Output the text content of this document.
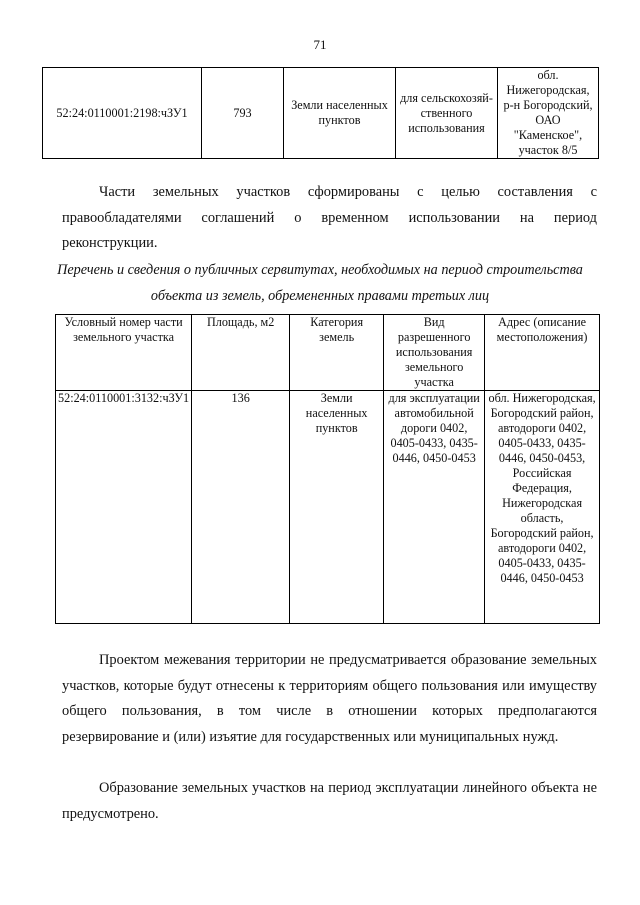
71
52:24:0110001:2198:чЗУ1	793	Земли населенных пунктов	для сельскохозяй-ственного использования	обл. Нижегородская, р-н Богородский, ОАО "Каменское", участок 8/5

Части земельных участков сформированы с целью составления с правообладателями соглашений о временном использовании на период реконструкции.

Перечень и сведения о публичных сервитутах, необходимых на период строительства объекта из земель, обремененных правами третьих лиц

Условный номер части земельного участка	Площадь, м2	Категория земель	Вид разрешенного использования земельного участка	Адрес (описание местоположения)
52:24:0110001:3132:чЗУ1	136	Земли населенных пунктов	для эксплуатации автомобильной дороги 0402, 0405-0433, 0435-0446, 0450-0453	обл. Нижегородская, Богородский район, автодороги 0402, 0405-0433, 0435-0446, 0450-0453, Российская Федерация, Нижегородская область, Богородский район, автодороги 0402, 0405-0433, 0435-0446, 0450-0453

Проектом межевания территории не предусматривается образование земельных участков, которые будут отнесены к территориям общего пользования или имуществу общего пользования, в том числе в отношении которых предполагаются резервирование и (или) изъятие для государственных или муниципальных нужд.

Образование земельных участков на период эксплуатации линейного объекта не предусмотрено.
